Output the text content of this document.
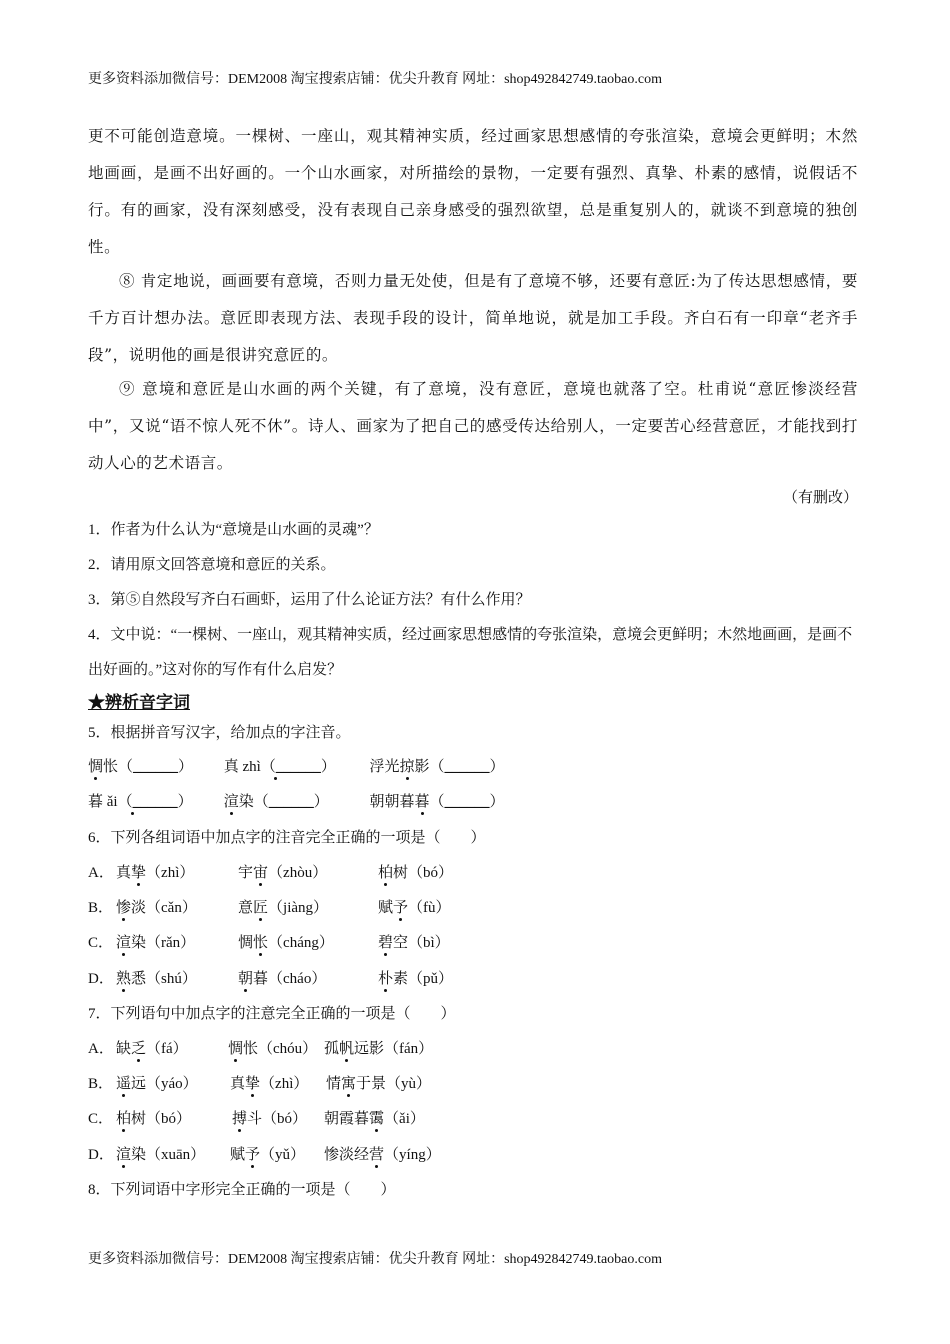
更多资料添加微信号：DEM2008 淘宝搜索店铺：优尖升教育 网址：shop492842749.taobao.com
更不可能创造意境。一棵树、一座山，观其精神实质，经过画家思想感情的夸张渲染，意境会更鲜明；木然地画画，是画不出好画的。一个山水画家，对所描绘的景物，一定要有强烈、真挚、朴素的感情，说假话不行。有的画家，没有深刻感受，没有表现自己亲身感受的强烈欲望，总是重复别人的，就谈不到意境的独创性。
⑧ 肯定地说，画画要有意境，否则力量无处使，但是有了意境不够，还要有意匠:为了传达思想感情，要千方百计想办法。意匠即表现方法、表现手段的设计，简单地说，就是加工手段。齐白石有一印章“老齐手段”，说明他的画是很讲究意匠的。
⑨ 意境和意匠是山水画的两个关键，有了意境，没有意匠，意境也就落了空。杜甫说“意匠惨淡经营中”，又说“语不惊人死不休”。诗人、画家为了把自己的感受传达给别人，一定要苦心经营意匠，才能找到打动人心的艺术语言。
（有删改）
1．作者为什么认为“意境是山水画的灵魂”？
2．请用原文回答意境和意匠的关系。
3．第⑤自然段写齐白石画虾，运用了什么论证方法？有什么作用？
4．文中说：“一棵树、一座山，观其精神实质，经过画家思想感情的夸张渲染，意境会更鲜明；木然地画画，是画不出好画的。”这对你的写作有什么启发？
★辨析音字词
5．根据拼音写汉字，给加点的字注音。
惆怅（______） 真 zhì（______） 浮光掠影（______）
暮 ǎi（______） 渲染（______）	朝朝暮暮（______）
6．下列各组词语中加点字的注音完全正确的一项是（　　）
A． 真挚（zhì）	宇宙（zhòu）	柏树（bó）
B． 惨淡（cǎn）	意匠（jiàng）	赋予（fù）
C． 渲染（rǎn）	惆怅（cháng）	碧空（bì）
D． 熟悉（shú）	朝暮（cháo）	朴素（pǔ）
7．下列语句中加点字的注意完全正确的一项是（　　）
A． 缺乏（fá）	惆怅（chóu） 孤帆远影（fán）
B． 遥远（yáo） 真挚（zhì） 情寓于景（yù）
C． 柏树（bó）	搏斗（bó） 朝霞暮霭（ǎi）
D． 渲染（xuān） 赋予（yǔ） 惨淡经营（yíng）
8．下列词语中字形完全正确的一项是（　　）
更多资料添加微信号：DEM2008 淘宝搜索店铺：优尖升教育 网址：shop492842749.taobao.com
